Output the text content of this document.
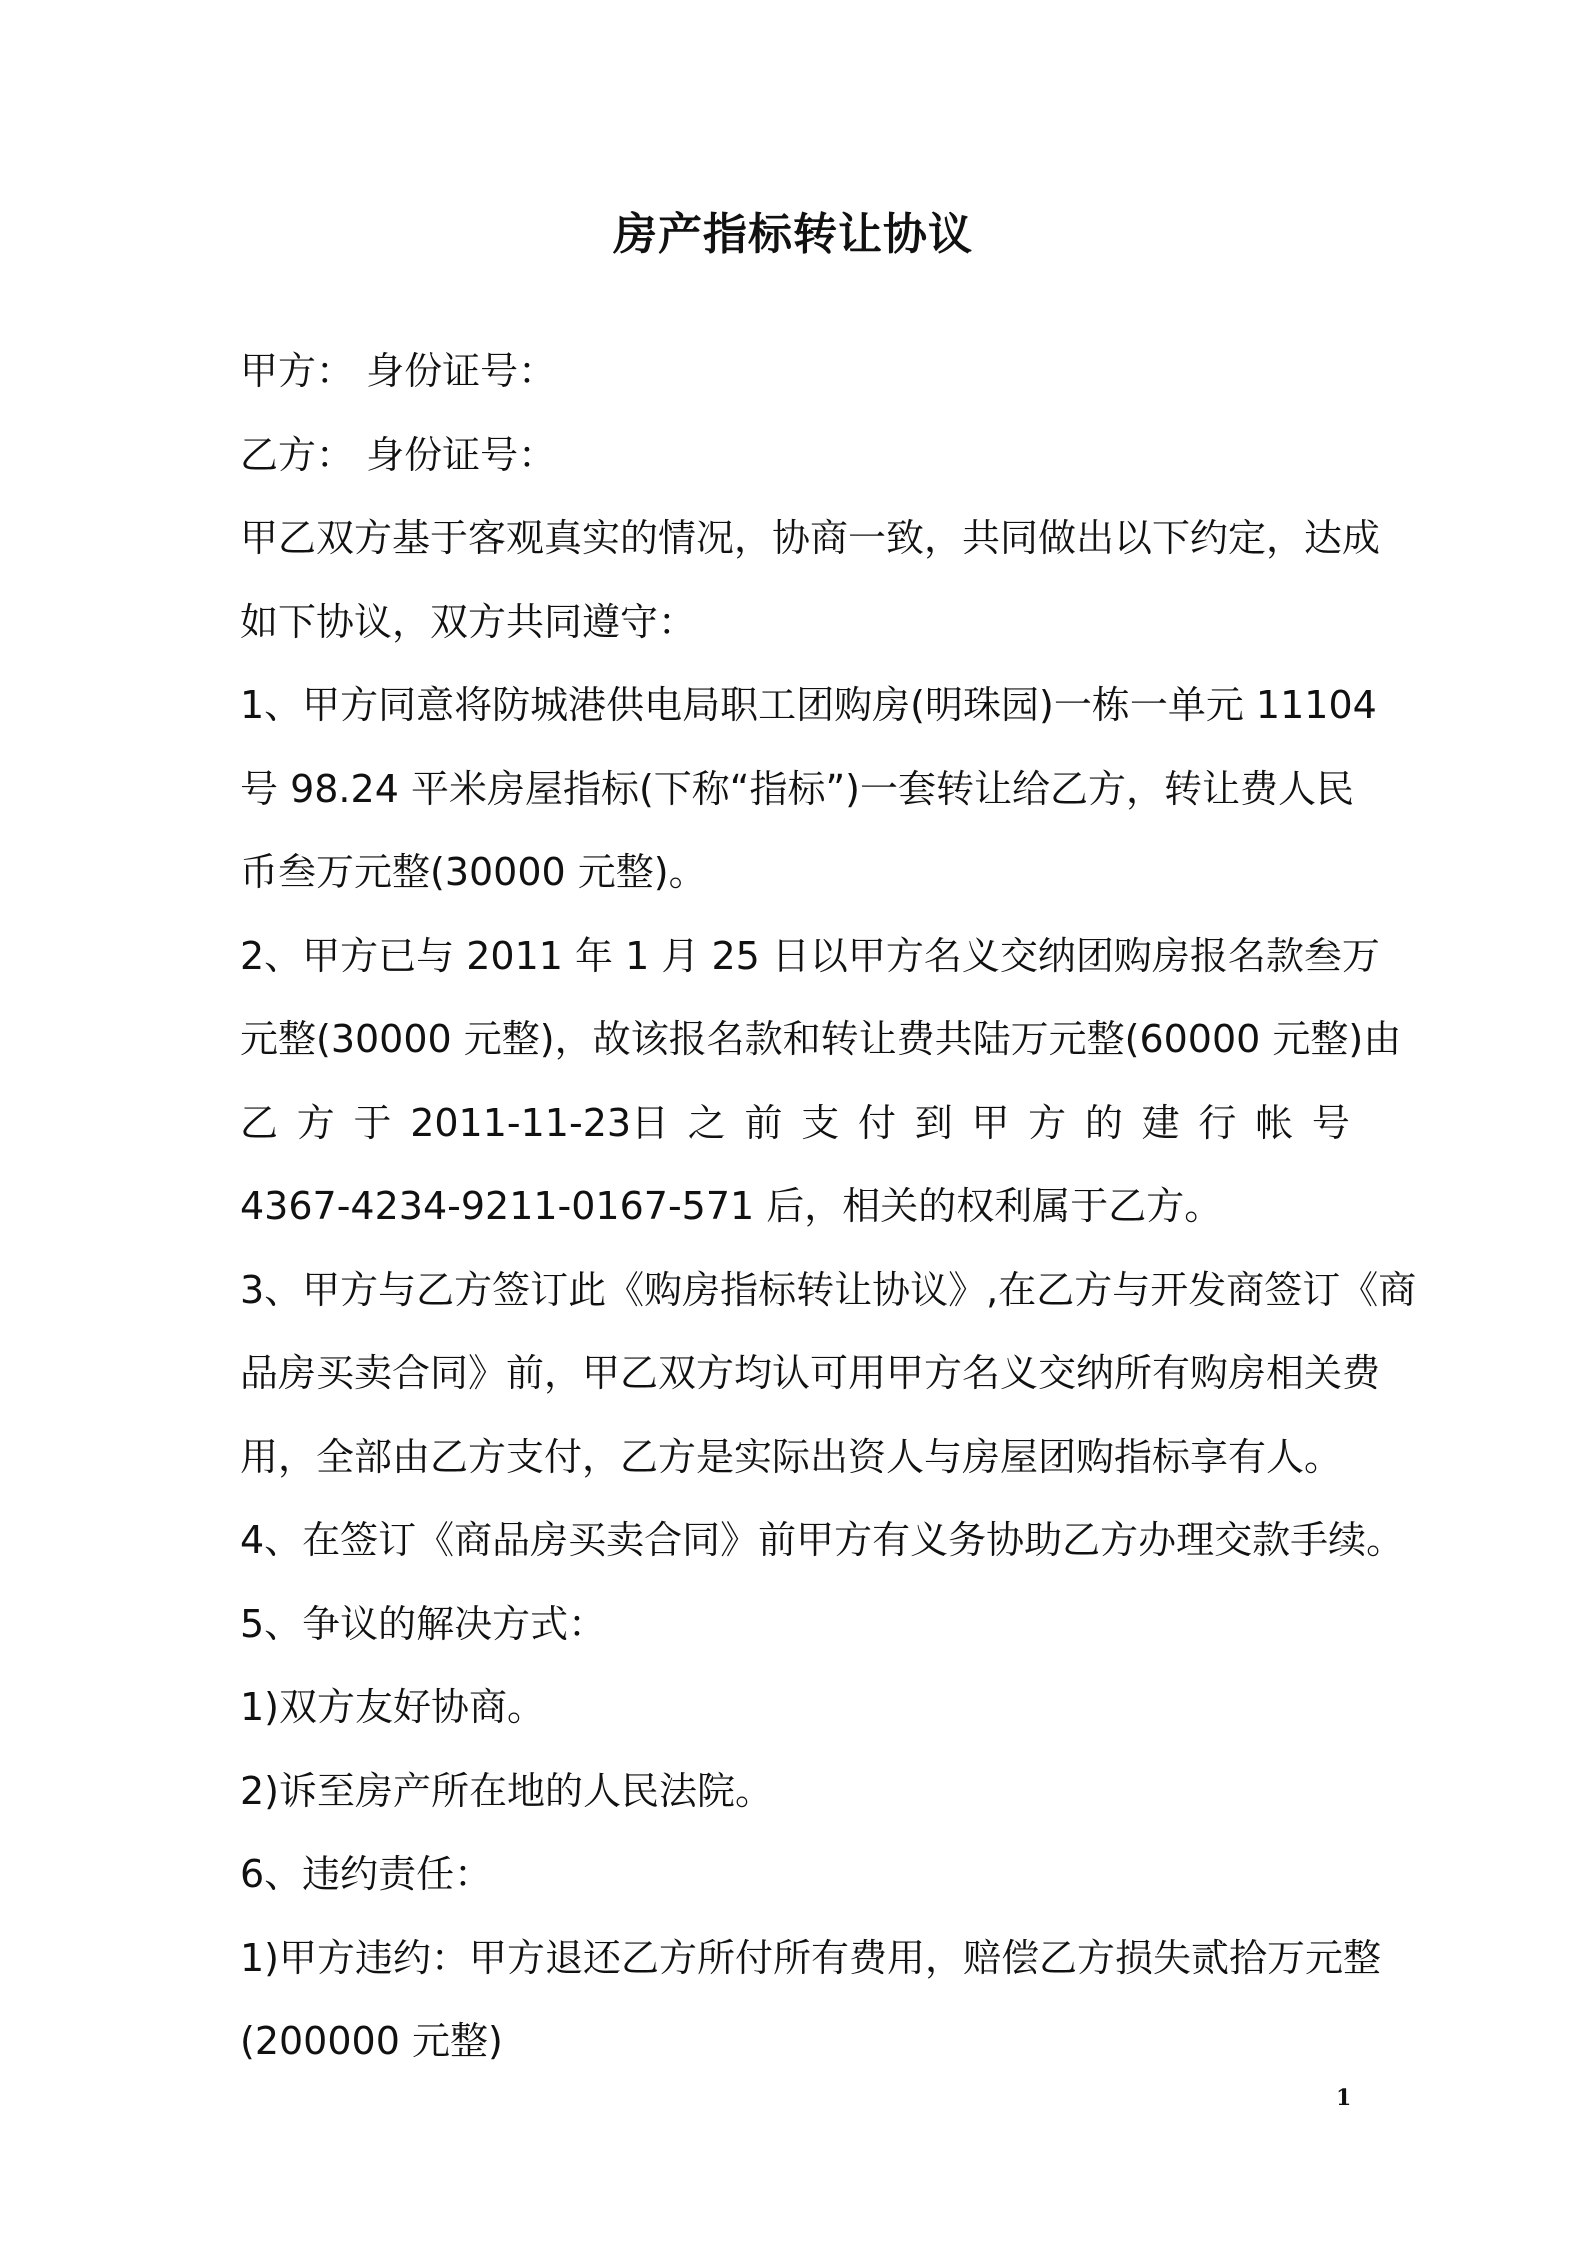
房产指标转让协议
甲方： 身份证号：
乙方： 身份证号：
甲乙双方基于客观真实的情况，协商一致，共同做出以下约定，达成
如下协议，双方共同遵守：
1、甲方同意将防城港供电局职工团购房(明珠园)一栋一单元 11104
号 98.24 平米房屋指标(下称“指标”)一套转让给乙方，转让费人民
币叁万元整(30000 元整)。
2、甲方已与 2011 年 1 月 25 日以甲方名义交纳团购房报名款叁万
元整(30000 元整)，故该报名款和转让费共陆万元整(60000 元整)由
乙 方 于 2011-11-23日 之 前 支 付 到 甲 方 的 建 行 帐 号
4367-4234-9211-0167-571 后，相关的权利属于乙方。
3、甲方与乙方签订此《购房指标转让协议》,在乙方与开发商签订《商
品房买卖合同》前，甲乙双方均认可用甲方名义交纳所有购房相关费
用，全部由乙方支付，乙方是实际出资人与房屋团购指标享有人。
4、在签订《商品房买卖合同》前甲方有义务协助乙方办理交款手续。
5、争议的解决方式：
1)双方友好协商。
2)诉至房产所在地的人民法院。
6、违约责任：
1)甲方违约：甲方退还乙方所付所有费用，赔偿乙方损失贰拾万元整
(200000 元整)
1
